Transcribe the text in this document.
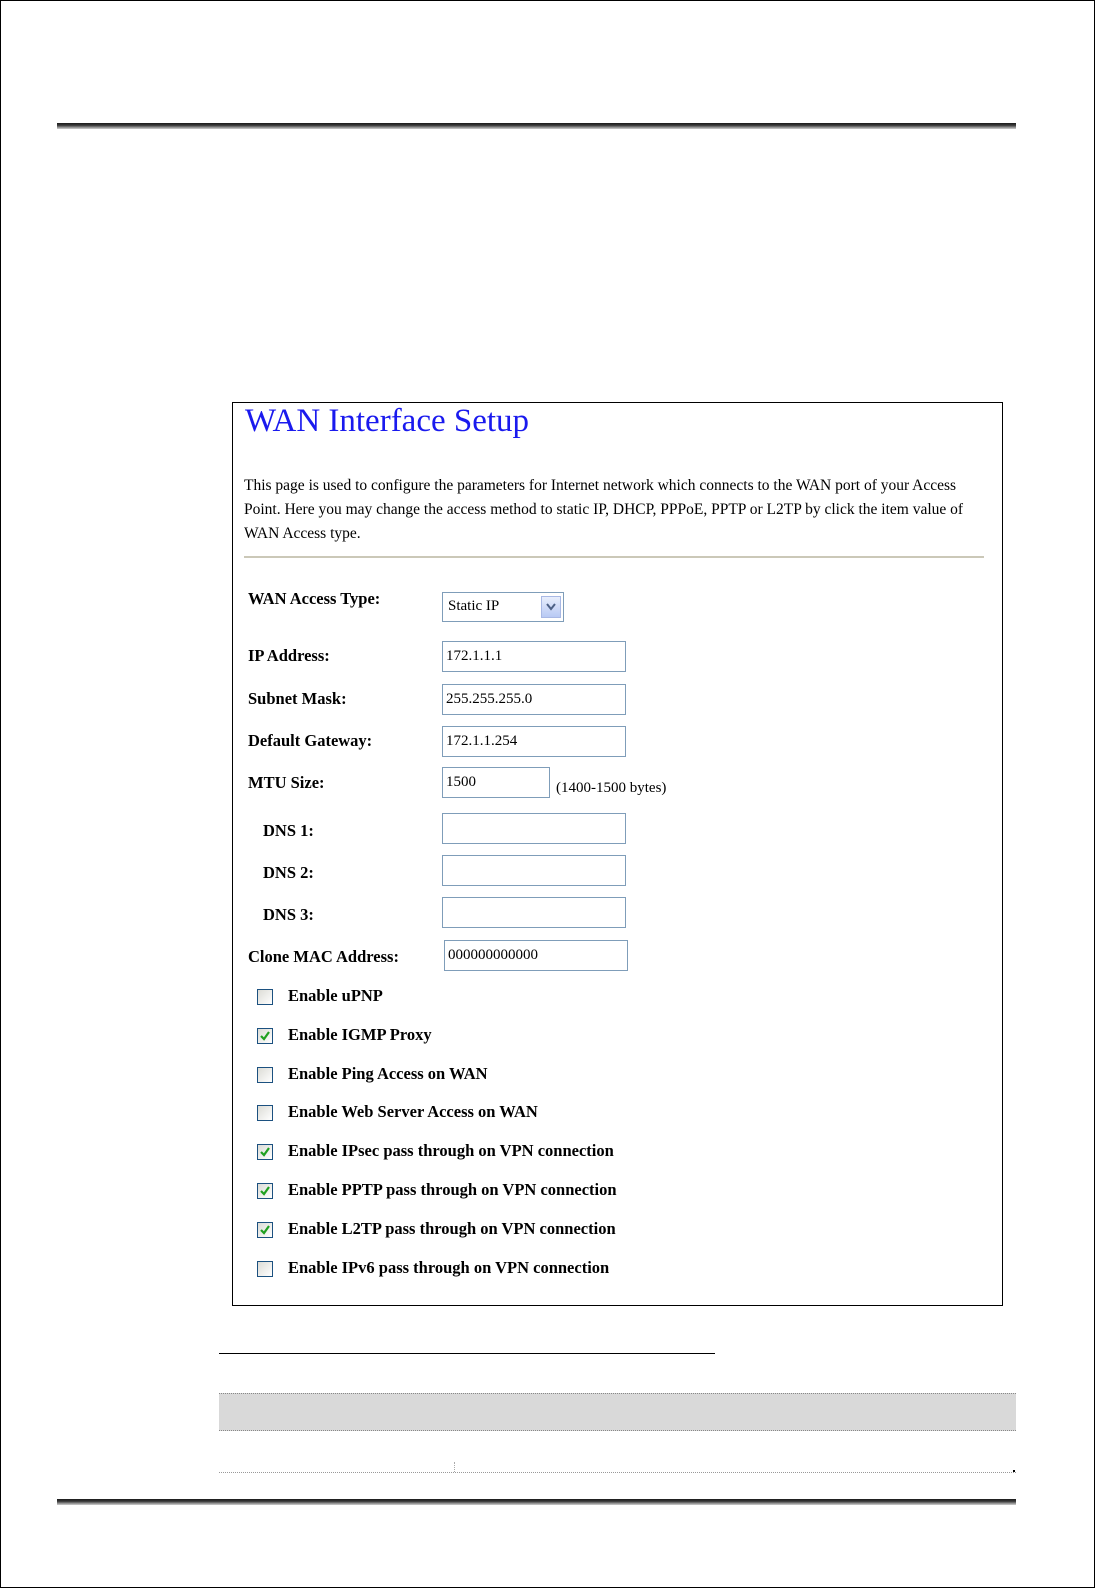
WAN Interface Setup
This page is used to configure the parameters for Internet network which connects to the WAN port of your Access Point. Here you may change the access method to static IP, DHCP, PPPoE, PPTP or L2TP by click the item value of WAN Access type.
WAN Access Type:	Static IP
IP Address:	172.1.1.1
Subnet Mask:	255.255.255.0
Default Gateway:	172.1.1.254
MTU Size:	1500	(1400-1500 bytes)
DNS 1:
DNS 2:
DNS 3:
Clone MAC Address:	000000000000
Enable uPNP
Enable IGMP Proxy
Enable Ping Access on WAN
Enable Web Server Access on WAN
Enable IPsec pass through on VPN connection
Enable PPTP pass through on VPN connection
Enable L2TP pass through on VPN connection
Enable IPv6 pass through on VPN connection
